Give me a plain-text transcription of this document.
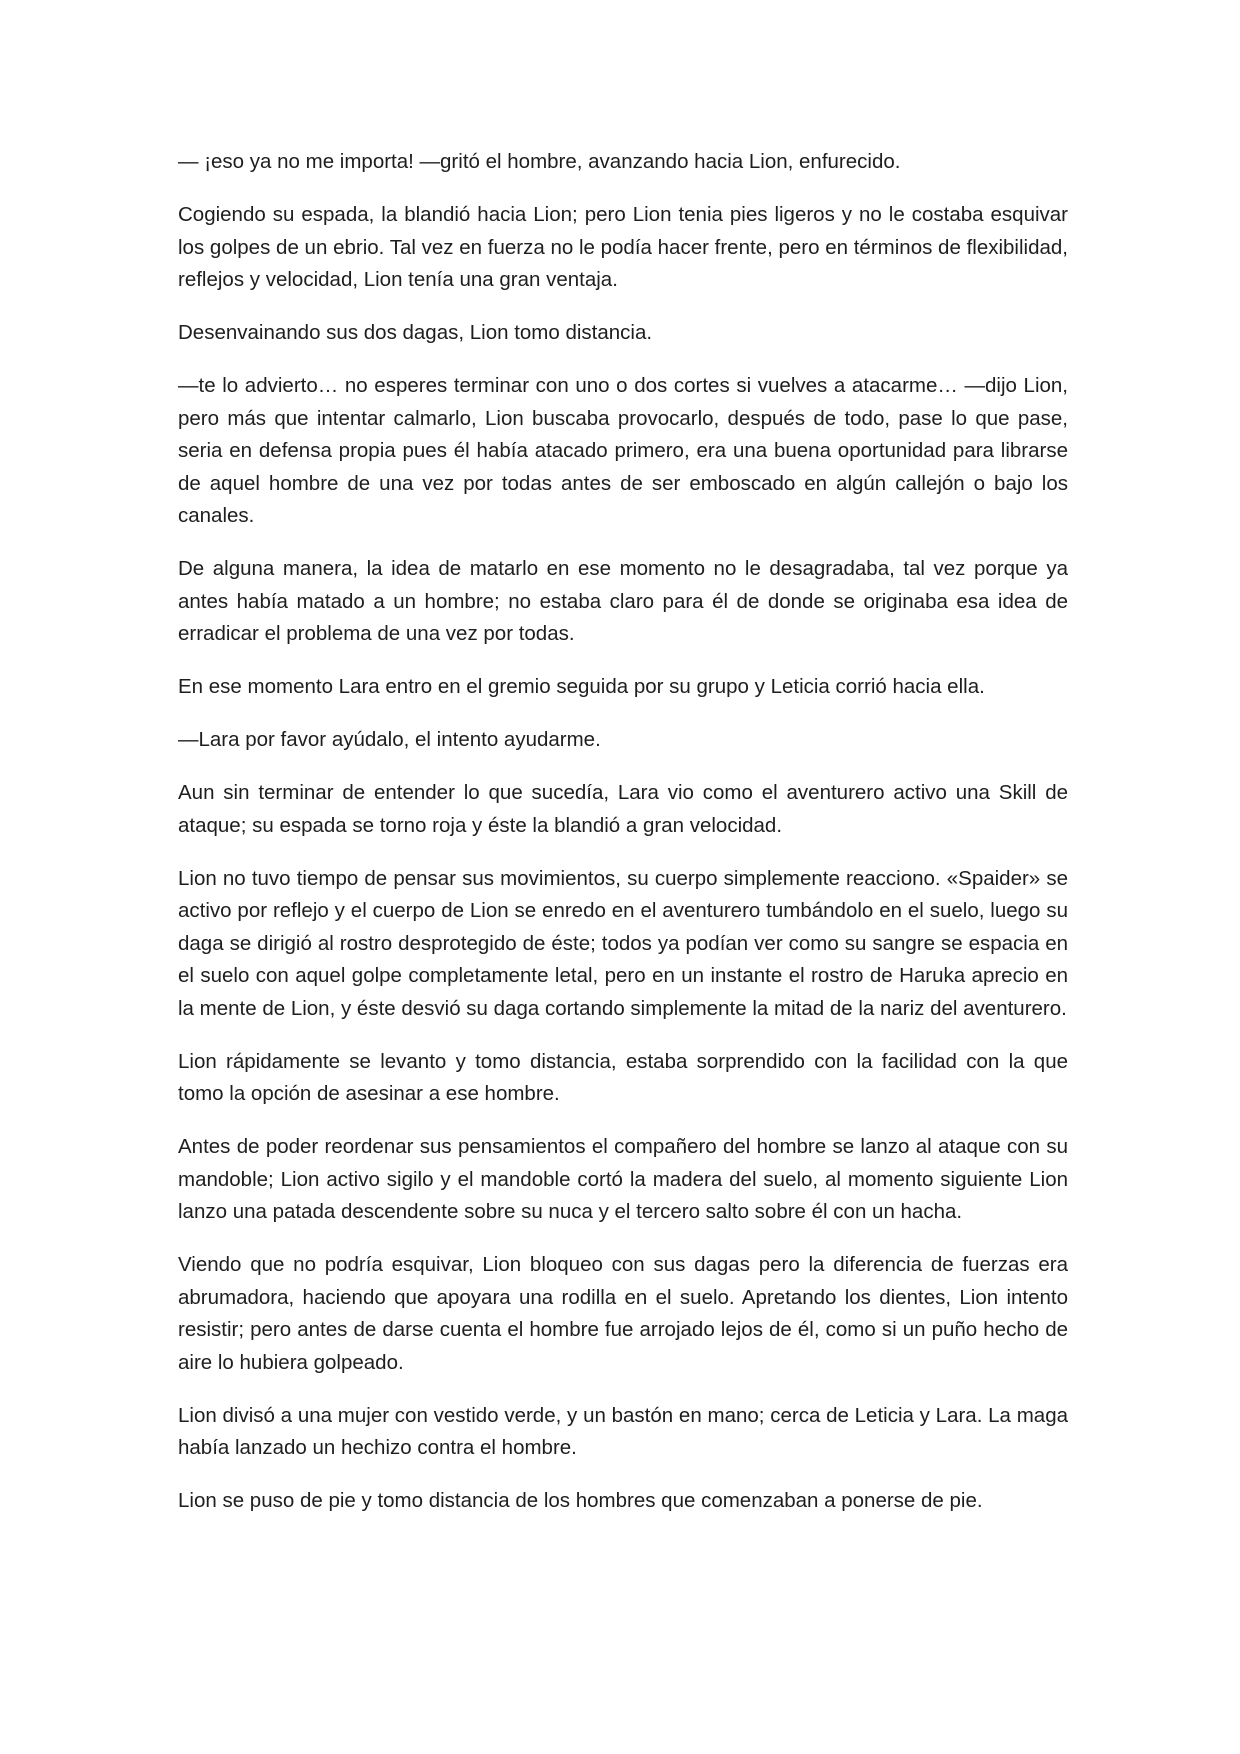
— ¡eso ya no me importa! —gritó el hombre, avanzando hacia Lion, enfurecido.

Cogiendo su espada, la blandió hacia Lion; pero Lion tenia pies ligeros y no le costaba esquivar los golpes de un ebrio. Tal vez en fuerza no le podía hacer frente, pero en términos de flexibilidad, reflejos y velocidad, Lion tenía una gran ventaja.

Desenvainando sus dos dagas, Lion tomo distancia.

—te lo advierto… no esperes terminar con uno o dos cortes si vuelves a atacarme… —dijo Lion, pero más que intentar calmarlo, Lion buscaba provocarlo, después de todo, pase lo que pase, seria en defensa propia pues él había atacado primero, era una buena oportunidad para librarse de aquel hombre de una vez por todas antes de ser emboscado en algún callejón o bajo los canales.

De alguna manera, la idea de matarlo en ese momento no le desagradaba, tal vez porque ya antes había matado a un hombre; no estaba claro para él de donde se originaba esa idea de erradicar el problema de una vez por todas.

En ese momento Lara entro en el gremio seguida por su grupo y Leticia corrió hacia ella.

—Lara por favor ayúdalo, el intento ayudarme.

Aun sin terminar de entender lo que sucedía, Lara vio como el aventurero activo una Skill de ataque; su espada se torno roja y éste la blandió a gran velocidad.

Lion no tuvo tiempo de pensar sus movimientos, su cuerpo simplemente reacciono. «Spaider» se activo por reflejo y el cuerpo de Lion se enredo en el aventurero tumbándolo en el suelo, luego su daga se dirigió al rostro desprotegido de éste; todos ya podían ver como su sangre se espacia en el suelo con aquel golpe completamente letal, pero en un instante el rostro de Haruka aprecio en la mente de Lion, y éste desvió su daga cortando simplemente la mitad de la nariz del aventurero.

Lion rápidamente se levanto y tomo distancia, estaba sorprendido con la facilidad con la que tomo la opción de asesinar a ese hombre.

Antes de poder reordenar sus pensamientos el compañero del hombre se lanzo al ataque con su mandoble; Lion activo sigilo y el mandoble cortó la madera del suelo, al momento siguiente Lion lanzo una patada descendente sobre su nuca y el tercero salto sobre él con un hacha.

Viendo que no podría esquivar, Lion bloqueo con sus dagas pero la diferencia de fuerzas era abrumadora, haciendo que apoyara una rodilla en el suelo. Apretando los dientes, Lion intento resistir; pero antes de darse cuenta el hombre fue arrojado lejos de él, como si un puño hecho de aire lo hubiera golpeado.

Lion divisó a una mujer con vestido verde, y un bastón en mano; cerca de Leticia y Lara. La maga había lanzado un hechizo contra el hombre.

Lion se puso de pie y tomo distancia de los hombres que comenzaban a ponerse de pie.
